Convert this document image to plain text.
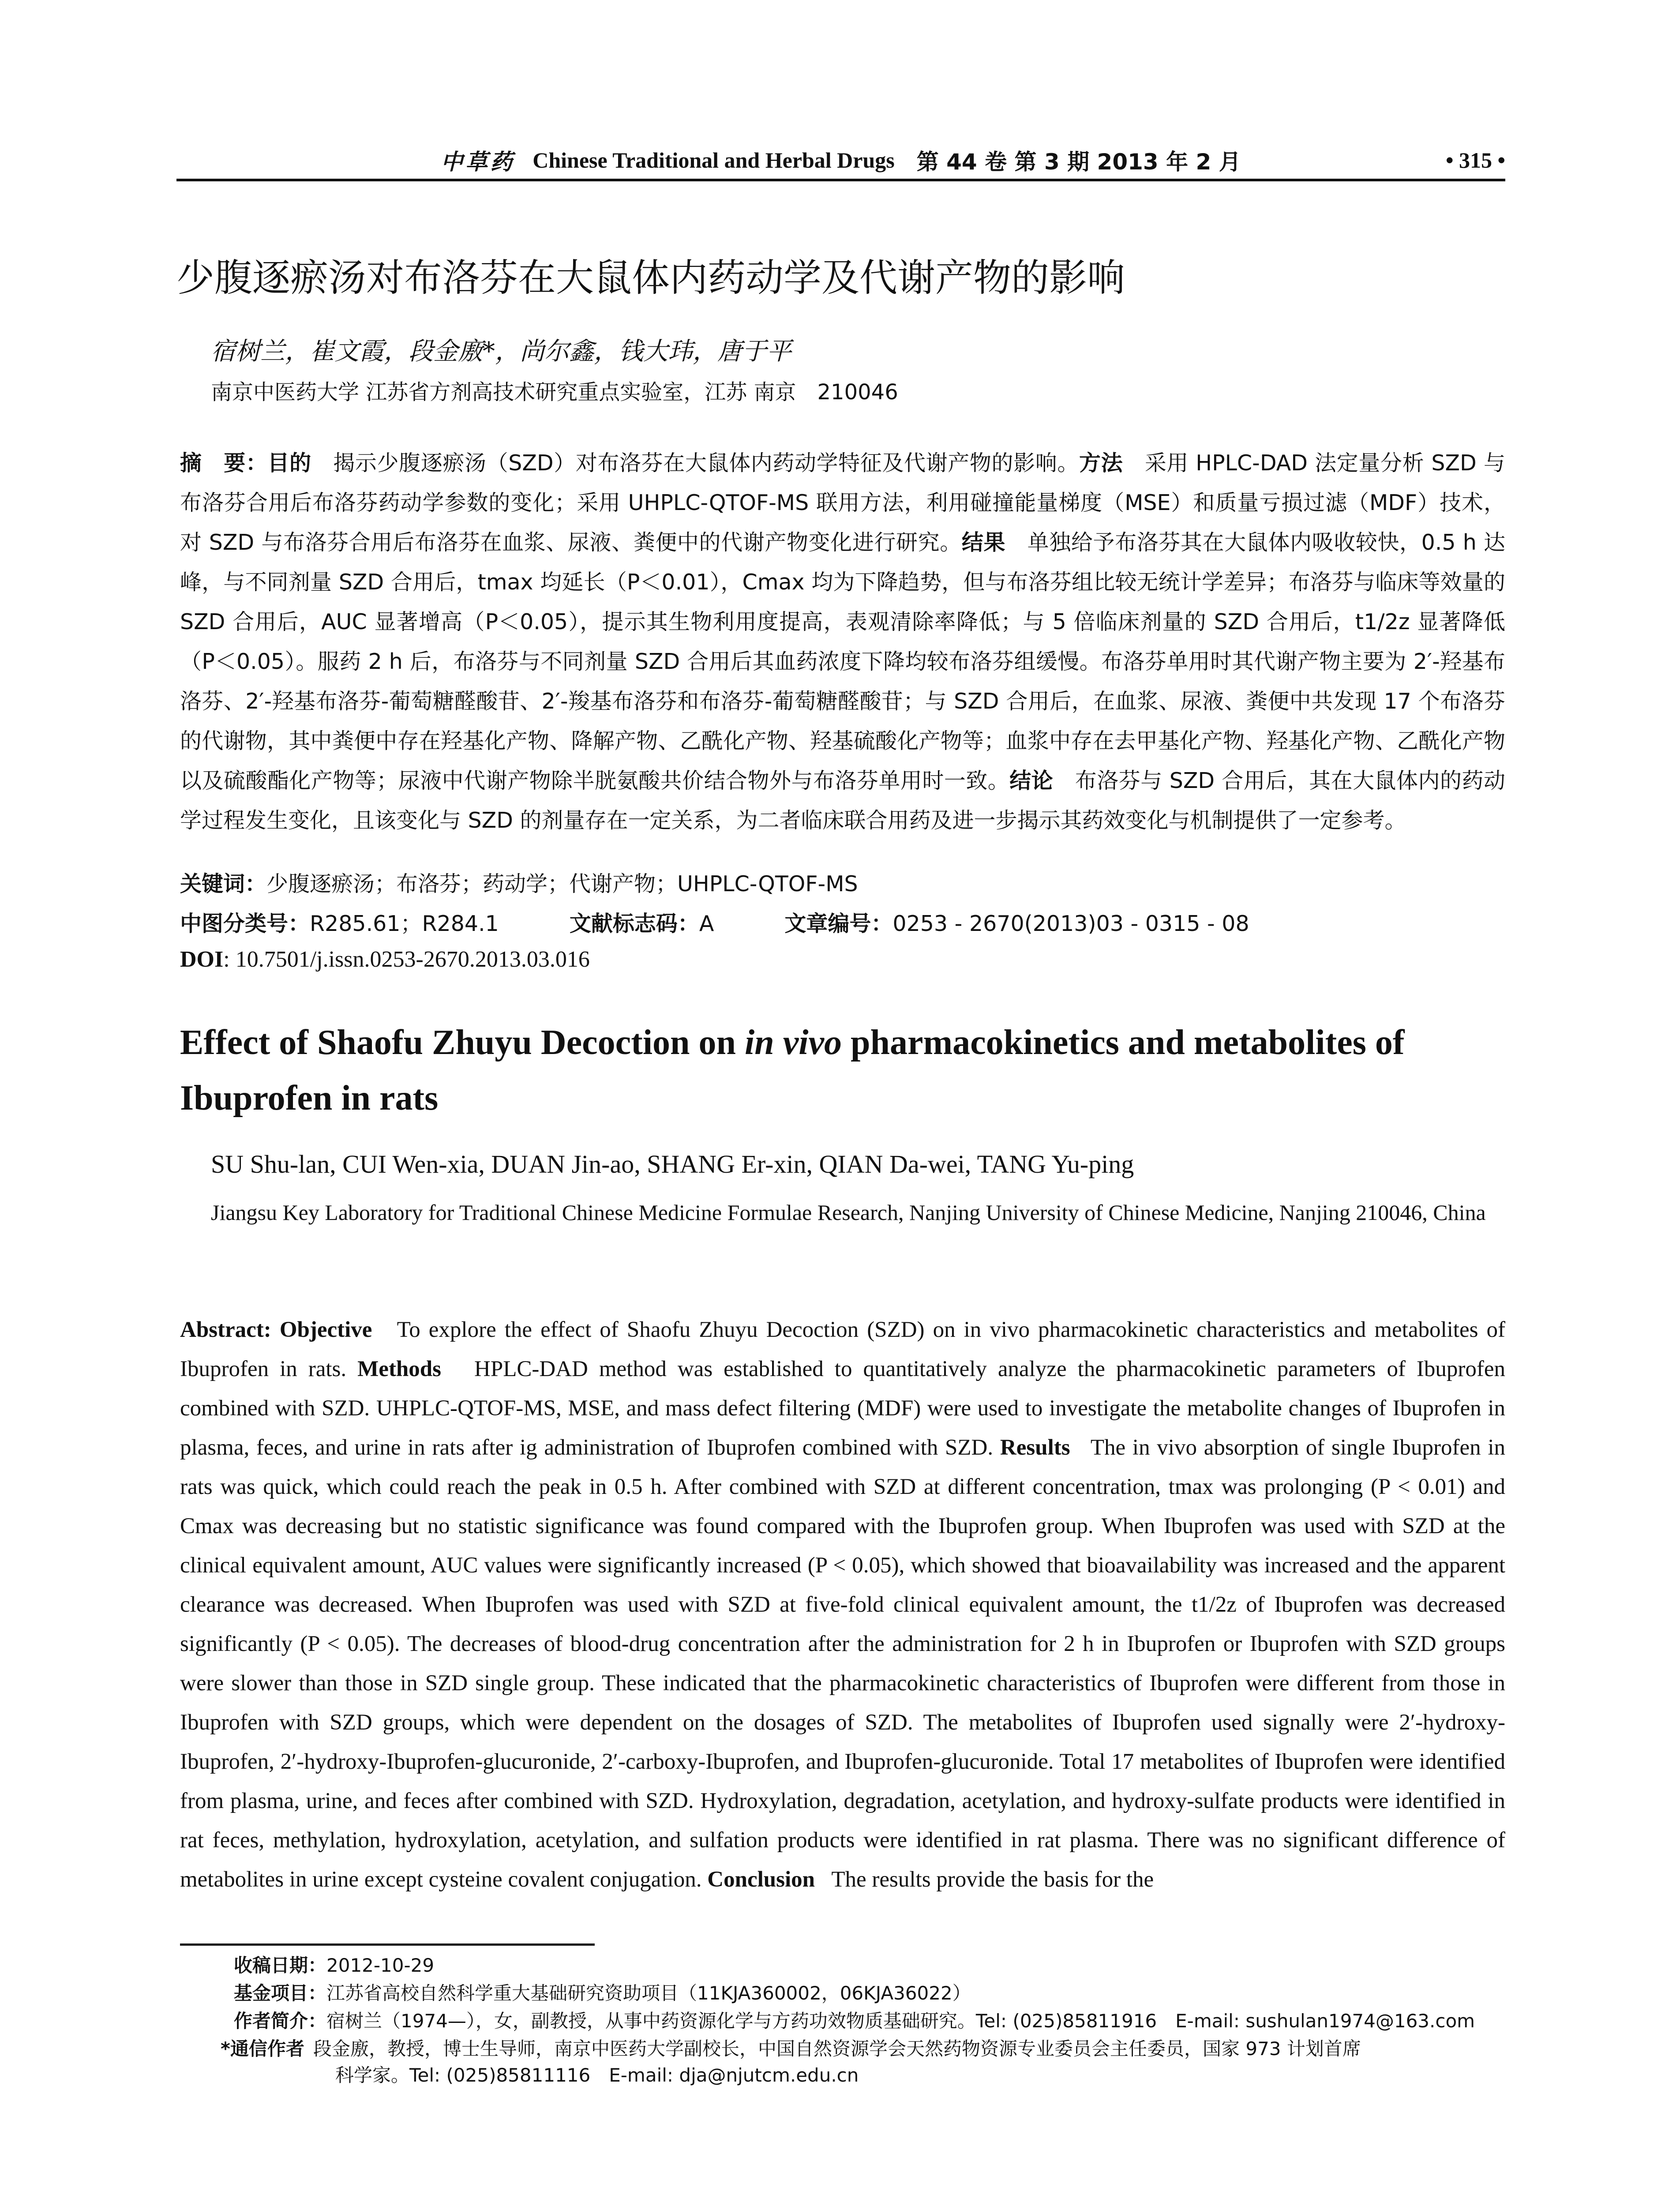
中草药 Chinese Traditional and Herbal Drugs 第 44 卷 第 3 期 2013 年 2 月	• 315 •
少腹逐瘀汤对布洛芬在大鼠体内药动学及代谢产物的影响
宿树兰，崔文霞，段金廒*，尚尔鑫，钱大玮，唐于平
南京中医药大学 江苏省方剂高技术研究重点实验室，江苏 南京　210046
摘　要：目的　 揭示少腹逐瘀汤（SZD）对布洛芬在大鼠体内药动学特征及代谢产物的影响。方法　 采用 HPLC-DAD 法定量分析 SZD 与布洛芬合用后布洛芬药动学参数的变化；采用 UHPLC-QTOF-MS 联用方法，利用碰撞能量梯度（MSE）和质量亏损过滤（MDF）技术，对 SZD 与布洛芬合用后布洛芬在血浆、尿液、粪便中的代谢产物变化进行研究。结果　 单独给予布洛芬其在大鼠体内吸收较快，0.5 h 达峰，与不同剂量 SZD 合用后，tmax 均延长（P＜0.01），Cmax 均为下降趋势，但与布洛芬组比较无统计学差异；布洛芬与临床等效量的 SZD 合用后，AUC 显著增高（P＜0.05），提示其生物利用度提高，表观清除率降低；与 5 倍临床剂量的 SZD 合用后，t1/2z 显著降低（P＜0.05）。服药 2 h 后，布洛芬与不同剂量 SZD 合用后其血药浓度下降均较布洛芬组缓慢。布洛芬单用时其代谢产物主要为 2′-羟基布洛芬、2′-羟基布洛芬-葡萄糖醛酸苷、2′-羧基布洛芬和布洛芬-葡萄糖醛酸苷；与 SZD 合用后，在血浆、尿液、粪便中共发现 17 个布洛芬的代谢物，其中粪便中存在羟基化产物、降解产物、乙酰化产物、羟基硫酸化产物等；血浆中存在去甲基化产物、羟基化产物、乙酰化产物以及硫酸酯化产物等；尿液中代谢产物除半胱氨酸共价结合物外与布洛芬单用时一致。结论　 布洛芬与 SZD 合用后，其在大鼠体内的药动学过程发生变化，且该变化与 SZD 的剂量存在一定关系，为二者临床联合用药及进一步揭示其药效变化与机制提供了一定参考。
关键词：少腹逐瘀汤；布洛芬；药动学；代谢产物；UHPLC-QTOF-MS
中图分类号：R285.61；R284.1	文献标志码：A	文章编号：0253 - 2670(2013)03 - 0315 - 08
DOI: 10.7501/j.issn.0253-2670.2013.03.016
Effect of Shaofu Zhuyu Decoction on in vivo pharmacokinetics and metabolites of Ibuprofen in rats
SU Shu-lan, CUI Wen-xia, DUAN Jin-ao, SHANG Er-xin, QIAN Da-wei, TANG Yu-ping
Jiangsu Key Laboratory for Traditional Chinese Medicine Formulae Research, Nanjing University of Chinese Medicine, Nanjing 210046, China
Abstract: Objective To explore the effect of Shaofu Zhuyu Decoction (SZD) on in vivo pharmacokinetic characteristics and metabolites of Ibuprofen in rats. Methods HPLC-DAD method was established to quantitatively analyze the pharmacokinetic parameters of Ibuprofen combined with SZD. UHPLC-QTOF-MS, MSE, and mass defect filtering (MDF) were used to investigate the metabolite changes of Ibuprofen in plasma, feces, and urine in rats after ig administration of Ibuprofen combined with SZD. Results The in vivo absorption of single Ibuprofen in rats was quick, which could reach the peak in 0.5 h. After combined with SZD at different concentration, tmax was prolonging (P < 0.01) and Cmax was decreasing but no statistic significance was found compared with the Ibuprofen group. When Ibuprofen was used with SZD at the clinical equivalent amount, AUC values were significantly increased (P < 0.05), which showed that bioavailability was increased and the apparent clearance was decreased. When Ibuprofen was used with SZD at five-fold clinical equivalent amount, the t1/2z of Ibuprofen was decreased significantly (P < 0.05). The decreases of blood-drug concentration after the administration for 2 h in Ibuprofen or Ibuprofen with SZD groups were slower than those in SZD single group. These indicated that the pharmacokinetic characteristics of Ibuprofen were different from those in Ibuprofen with SZD groups, which were dependent on the dosages of SZD. The metabolites of Ibuprofen used signally were 2′-hydroxy-Ibuprofen, 2′-hydroxy-Ibuprofen-glucuronide, 2′-carboxy-Ibuprofen, and Ibuprofen-glucuronide. Total 17 metabolites of Ibuprofen were identified from plasma, urine, and feces after combined with SZD. Hydroxylation, degradation, acetylation, and hydroxy-sulfate products were identified in rat feces, methylation, hydroxylation, acetylation, and sulfation products were identified in rat plasma. There was no significant difference of metabolites in urine except cysteine covalent conjugation. Conclusion The results provide the basis for the
收稿日期：2012-10-29
基金项目：江苏省高校自然科学重大基础研究资助项目（11KJA360002，06KJA36022）
作者简介：宿树兰（1974—），女，副教授，从事中药资源化学与方药功效物质基础研究。Tel: (025)85811916　E-mail: sushulan1974@163.com
*通信作者 段金廒，教授，博士生导师，南京中医药大学副校长，中国自然资源学会天然药物资源专业委员会主任委员，国家 973 计划首席
科学家。Tel: (025)85811116　E-mail: dja@njutcm.edu.cn
